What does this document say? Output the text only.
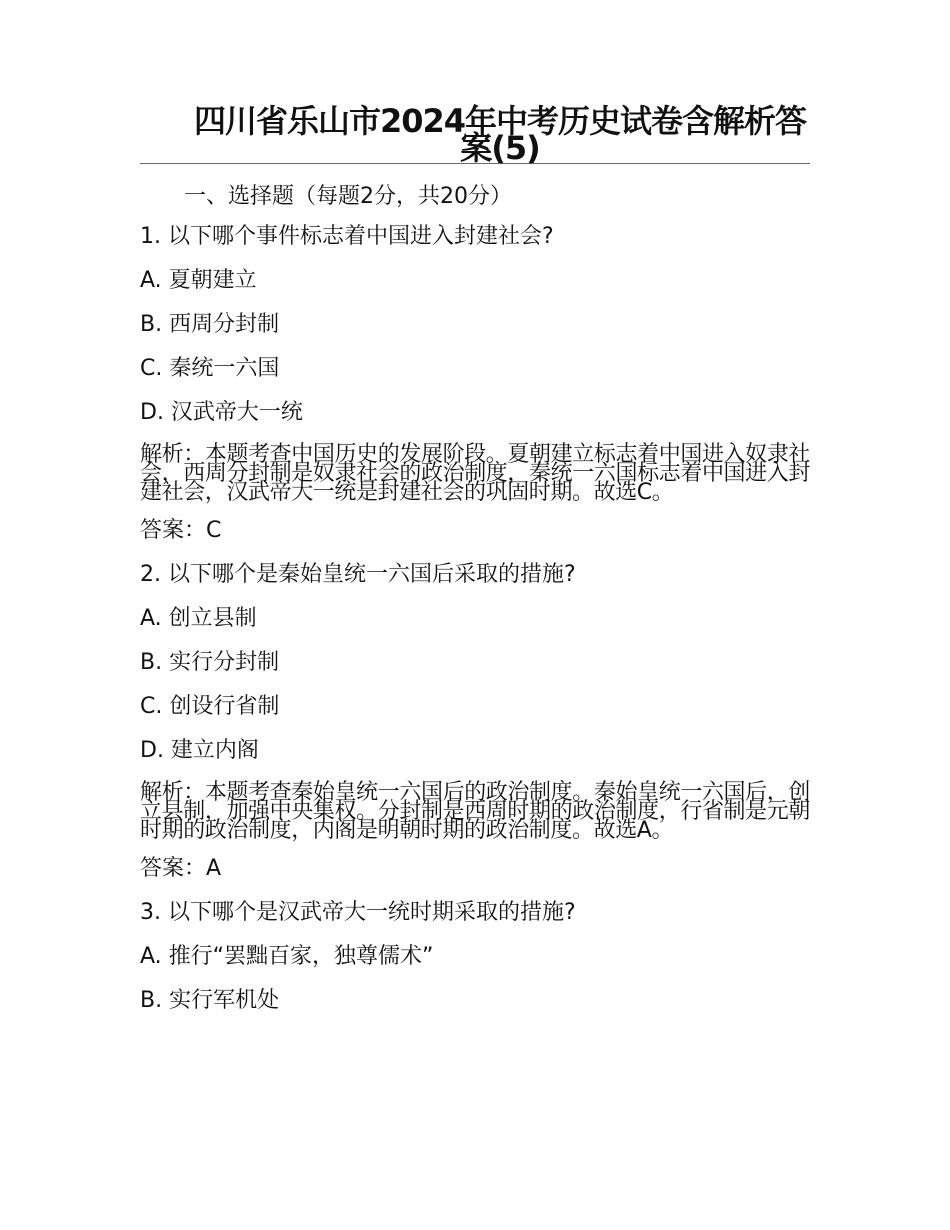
四川省乐山市2024年中考历史试卷含解析答案(5)
一、选择题（每题2分，共20分）
1. 以下哪个事件标志着中国进入封建社会?
A. 夏朝建立
B. 西周分封制
C. 秦统一六国
D. 汉武帝大一统
解析：本题考查中国历史的发展阶段。夏朝建立标志着中国进入奴隶社会，西周分封制是奴隶社会的政治制度，秦统一六国标志着中国进入封建社会，汉武帝大一统是封建社会的巩固时期。故选C。
答案：C
2. 以下哪个是秦始皇统一六国后采取的措施?
A. 创立县制
B. 实行分封制
C. 创设行省制
D. 建立内阁
解析：本题考查秦始皇统一六国后的政治制度。秦始皇统一六国后，创立县制，加强中央集权。分封制是西周时期的政治制度，行省制是元朝时期的政治制度，内阁是明朝时期的政治制度。故选A。
答案：A
3. 以下哪个是汉武帝大一统时期采取的措施?
A. 推行“罢黜百家，独尊儒术”
B. 实行军机处
